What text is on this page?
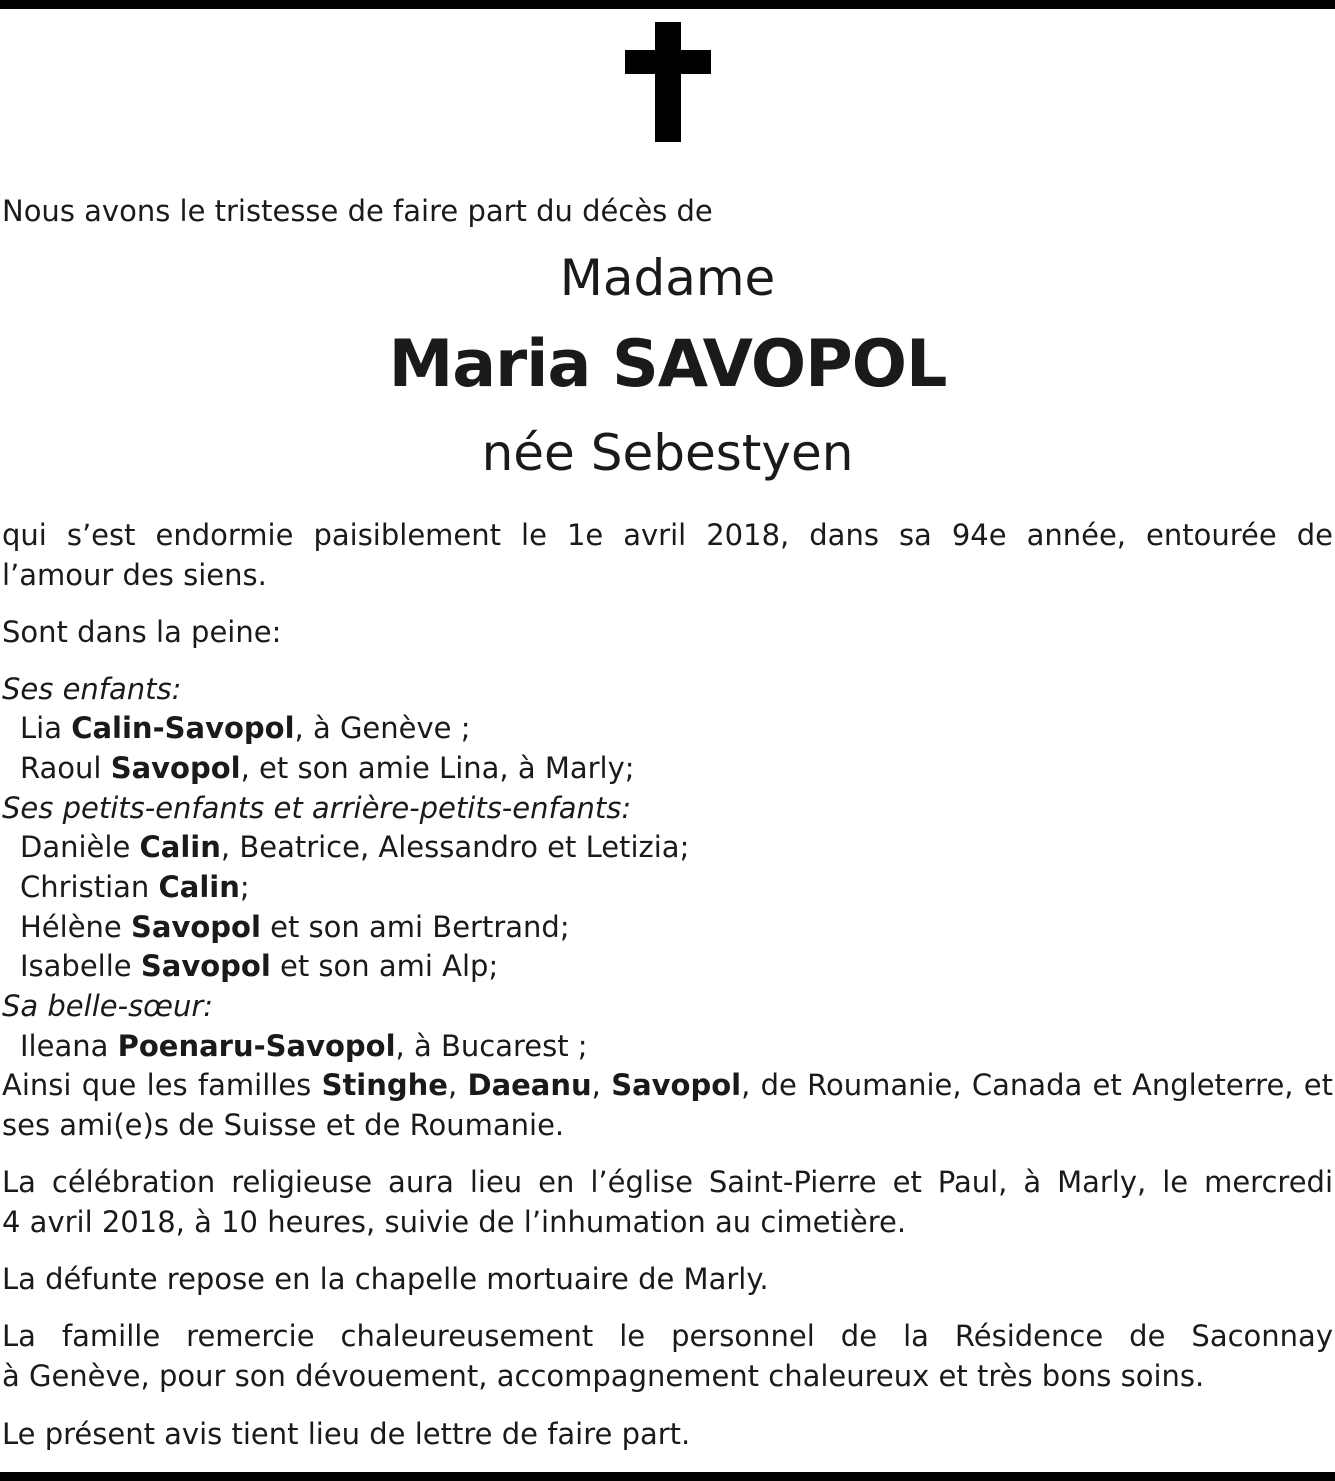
Nous avons le tristesse de faire part du décès de

Madame

Maria SAVOPOL

née Sebestyen

qui s’est endormie paisiblement le 1e avril 2018, dans sa 94e année, entourée de

l’amour des siens.

Sont dans la peine:

Ses enfants:

Lia Calin-Savopol, à Genève ;

Raoul Savopol, et son amie Lina, à Marly;

Ses petits-enfants et arrière-petits-enfants:

Danièle Calin, Beatrice, Alessandro et Letizia;

Christian Calin;

Hélène Savopol et son ami Bertrand;

Isabelle Savopol et son ami Alp;

Sa belle-sœur:

Ileana Poenaru-Savopol, à Bucarest ;

Ainsi que les familles Stinghe, Daeanu, Savopol, de Roumanie, Canada et Angleterre, et

ses ami(e)s de Suisse et de Roumanie.

La célébration religieuse aura lieu en l’église Saint-Pierre et Paul, à Marly, le mercredi

4 avril 2018, à 10 heures, suivie de l’inhumation au cimetière.

La défunte repose en la chapelle mortuaire de Marly.

La famille remercie chaleureusement le personnel de la Résidence de Saconnay

à Genève, pour son dévouement, accompagnement chaleureux et très bons soins.

Le présent avis tient lieu de lettre de faire part.
